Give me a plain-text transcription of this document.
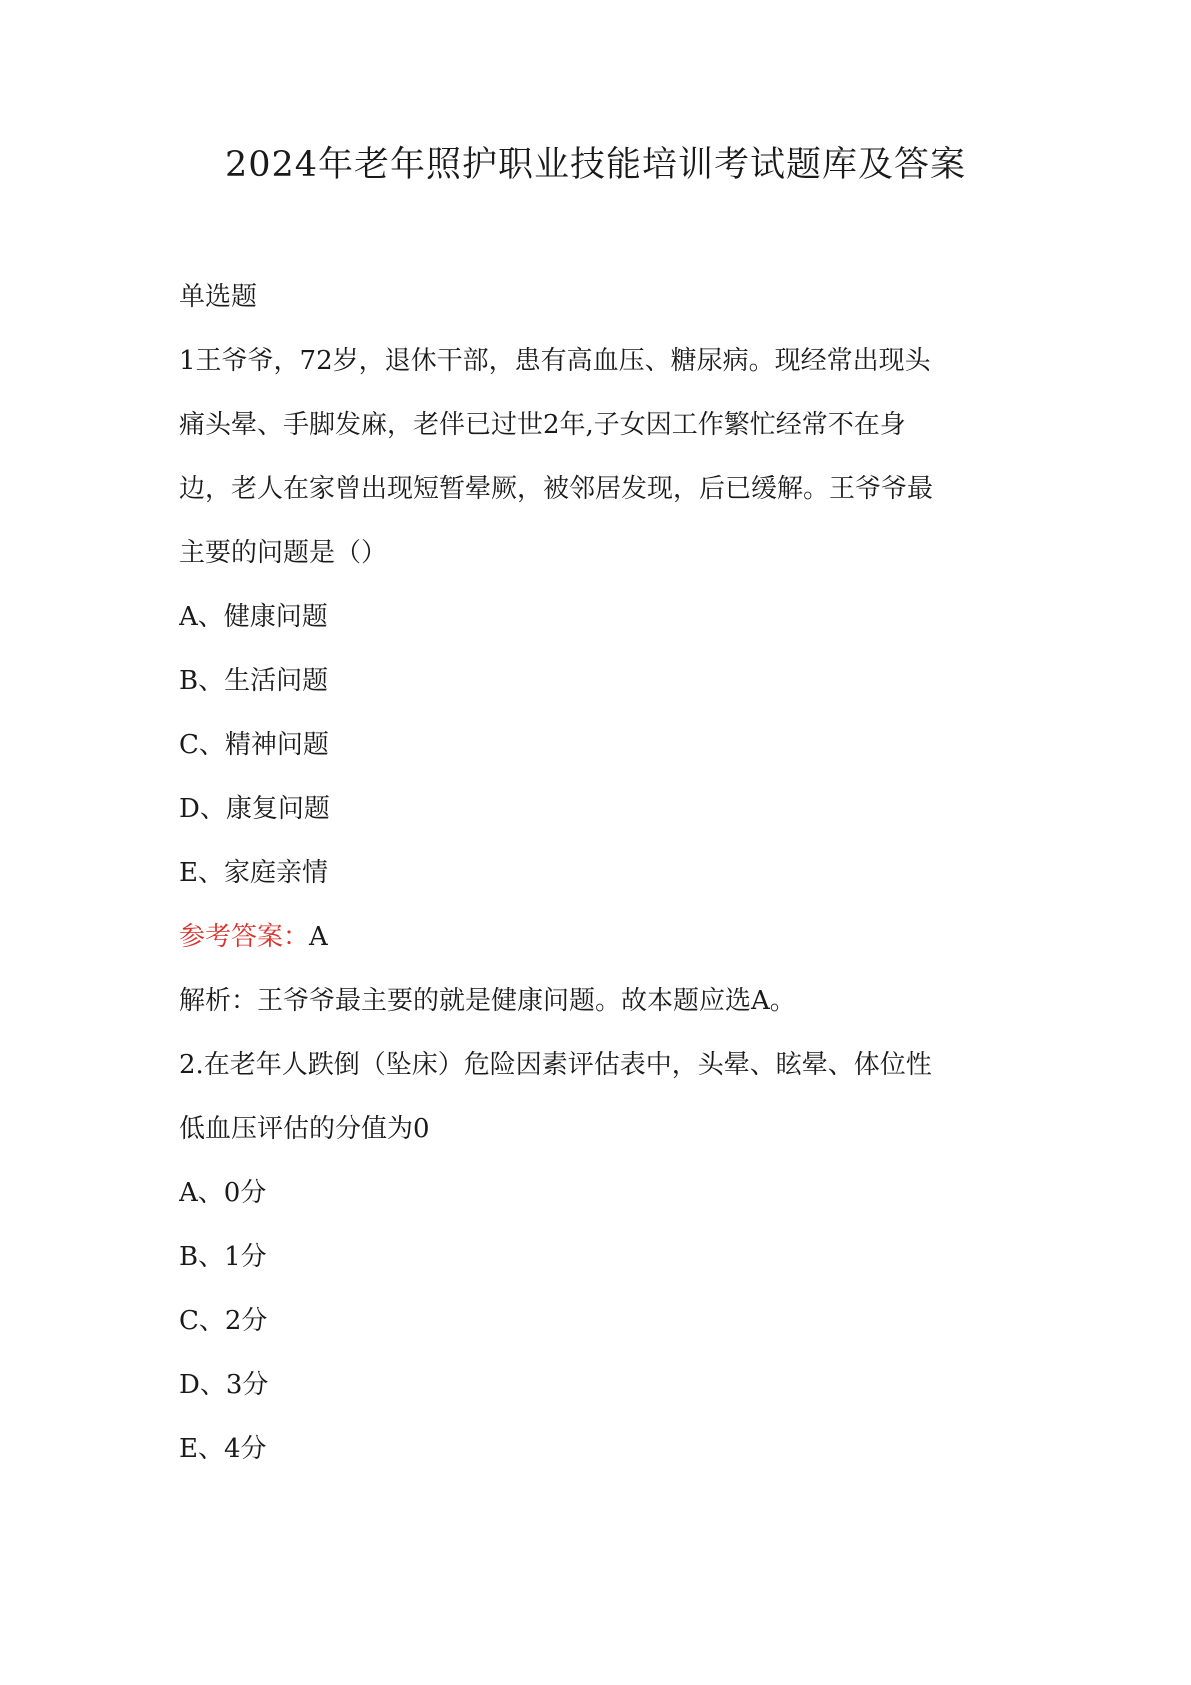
2024年老年照护职业技能培训考试题库及答案
单选题
1王爷爷，72岁，退休干部，患有高血压、糖尿病。现经常出现头
痛头晕、手脚发麻，老伴已过世2年,子女因工作繁忙经常不在身
边，老人在家曾出现短暂晕厥，被邻居发现，后已缓解。王爷爷最
主要的问题是（）
A、健康问题
B、生活问题
C、精神问题
D、康复问题
E、家庭亲情
参考答案：A
解析：王爷爷最主要的就是健康问题。故本题应选A。
2.在老年人跌倒（坠床）危险因素评估表中，头晕、眩晕、体位性
低血压评估的分值为0
A、0分
B、1分
C、2分
D、3分
E、4分
